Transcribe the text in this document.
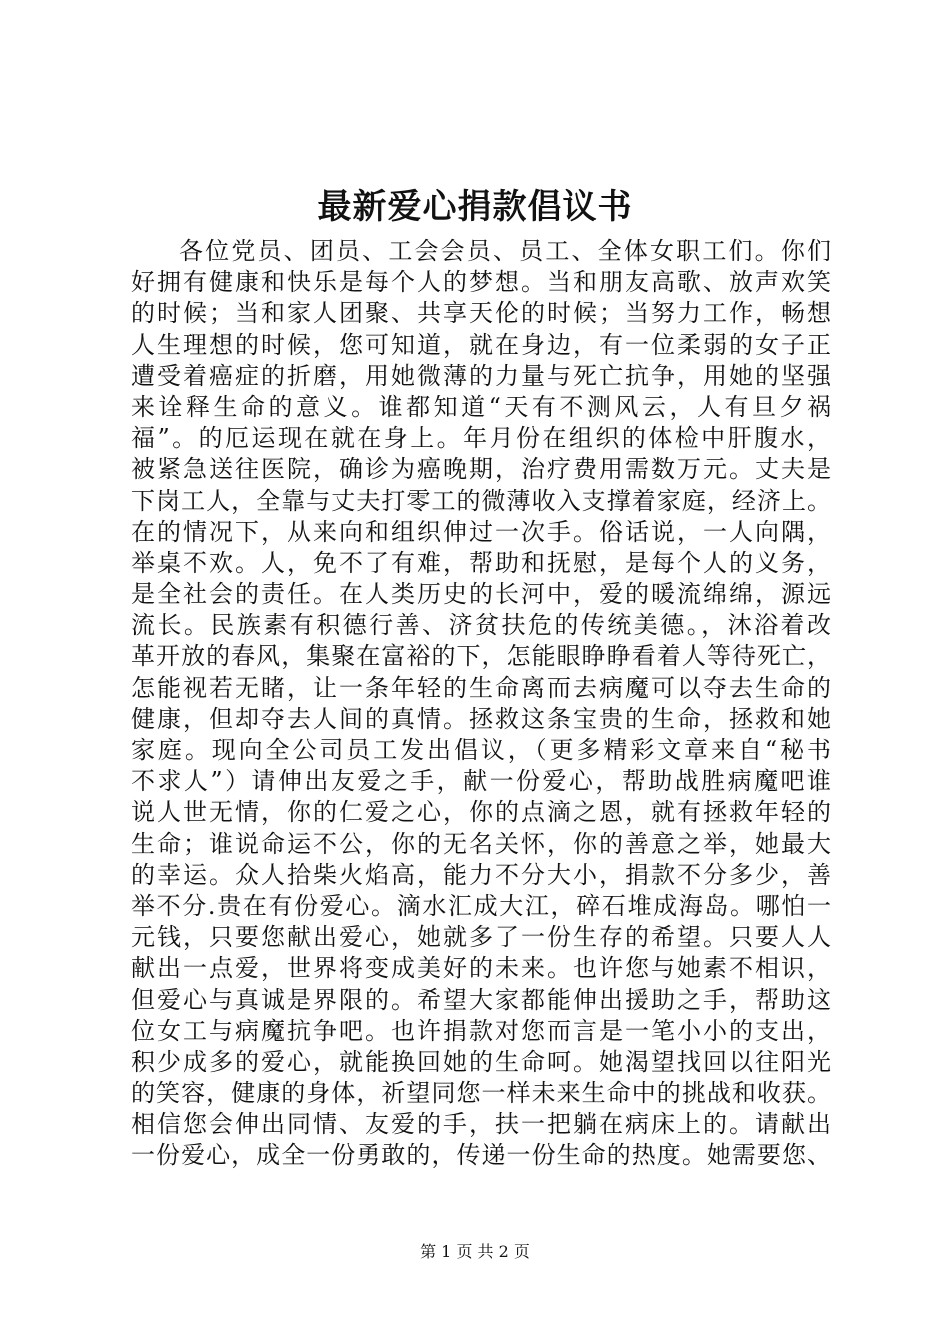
最新爱心捐款倡议书
各位党员、团员、工会会员、员工、全体女职工们。你们
好拥有健康和快乐是每个人的梦想。当和朋友高歌、放声欢笑
的时候；当和家人团聚、共享天伦的时候；当努力工作，畅想
人生理想的时候，您可知道，就在身边，有一位柔弱的女子正
遭受着癌症的折磨，用她微薄的力量与死亡抗争，用她的坚强
来诠释生命的意义。谁都知道“天有不测风云，人有旦夕祸
福”。的厄运现在就在身上。年月份在组织的体检中肝腹水，
被紧急送往医院，确诊为癌晚期，治疗费用需数万元。丈夫是
下岗工人，全靠与丈夫打零工的微薄收入支撑着家庭，经济上。
在的情况下，从来向和组织伸过一次手。俗话说，一人向隅，
举桌不欢。人，免不了有难，帮助和抚慰，是每个人的义务，
是全社会的责任。在人类历史的长河中，爱的暖流绵绵，源远
流长。民族素有积德行善、济贫扶危的传统美德。，沐浴着改
革开放的春风，集聚在富裕的下，怎能眼睁睁看着人等待死亡，
怎能视若无睹，让一条年轻的生命离而去病魔可以夺去生命的
健康，但却夺去人间的真情。拯救这条宝贵的生命，拯救和她
家庭。现向全公司员工发出倡议，（更多精彩文章来自“秘书
不求人”）请伸出友爱之手，献一份爱心，帮助战胜病魔吧谁
说人世无情，你的仁爱之心，你的点滴之恩，就有拯救年轻的
生命；谁说命运不公，你的无名关怀，你的善意之举，她最大
的幸运。众人拾柴火焰高，能力不分大小，捐款不分多少，善
举不分.贵在有份爱心。滴水汇成大江，碎石堆成海岛。哪怕一
元钱，只要您献出爱心，她就多了一份生存的希望。只要人人
献出一点爱，世界将变成美好的未来。也许您与她素不相识，
但爱心与真诚是界限的。希望大家都能伸出援助之手，帮助这
位女工与病魔抗争吧。也许捐款对您而言是一笔小小的支出，
积少成多的爱心，就能换回她的生命呵。她渴望找回以往阳光
的笑容，健康的身体，祈望同您一样未来生命中的挑战和收获。
相信您会伸出同情、友爱的手，扶一把躺在病床上的。请献出
一份爱心，成全一份勇敢的，传递一份生命的热度。她需要您、
第 1 页 共 2 页
